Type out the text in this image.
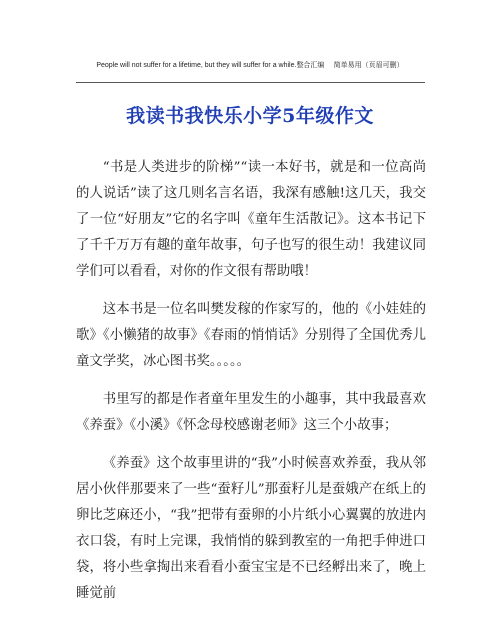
People will not suffer for a lifetime, but they will suffer for a while.整合汇编　 简单易用（页眉可删）
我读书我快乐小学5年级作文

“书是人类进步的阶梯”“读一本好书，就是和一位高尚的人说话”读了这几则名言名语，我深有感触!这几天，我交了一位“好朋友”它的名字叫《童年生活散记》。这本书记下了千千万万有趣的童年故事，句子也写的很生动！我建议同学们可以看看，对你的作文很有帮助哦！

这本书是一位名叫樊发稼的作家写的，他的《小娃娃的歌》《小懒猪的故事》《春雨的悄悄话》分别得了全国优秀儿童文学奖，冰心图书奖。。。。。

书里写的都是作者童年里发生的小趣事，其中我最喜欢《养蚕》《小溪》《怀念母校感谢老师》这三个小故事；

《养蚕》这个故事里讲的“我”小时候喜欢养蚕，我从邻居小伙伴那要来了一些“蚕籽儿”那蚕籽儿是蚕娥产在纸上的卵比芝麻还小，“我”把带有蚕卵的小片纸小心翼翼的放进内衣口袋，有时上完课，我悄悄的躲到教室的一角把手伸进口袋，将小些拿掏出来看看小蚕宝宝是不已经孵出来了，晚上睡觉前
